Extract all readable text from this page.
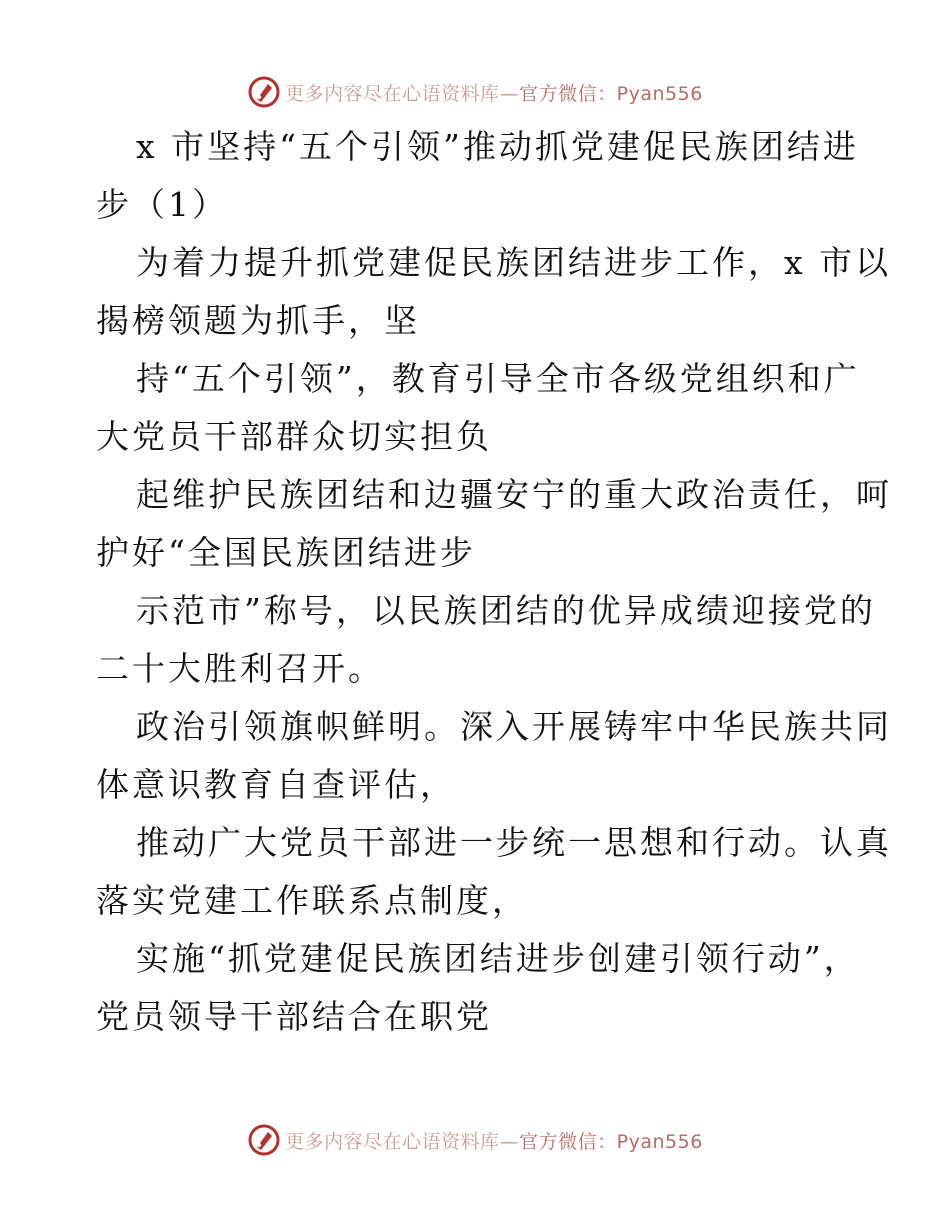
更多内容尽在心语资料库—官方微信：Pyan556
x 市坚持“五个引领”推动抓党建促民族团结进
步（1）
为着力提升抓党建促民族团结进步工作，x 市以
揭榜领题为抓手，坚
持“五个引领”，教育引导全市各级党组织和广
大党员干部群众切实担负
起维护民族团结和边疆安宁的重大政治责任，呵
护好“全国民族团结进步
示范市”称号，以民族团结的优异成绩迎接党的
二十大胜利召开。
政治引领旗帜鲜明。深入开展铸牢中华民族共同
体意识教育自查评估，
推动广大党员干部进一步统一思想和行动。认真
落实党建工作联系点制度，
实施“抓党建促民族团结进步创建引领行动”，
党员领导干部结合在职党
更多内容尽在心语资料库—官方微信：Pyan556
